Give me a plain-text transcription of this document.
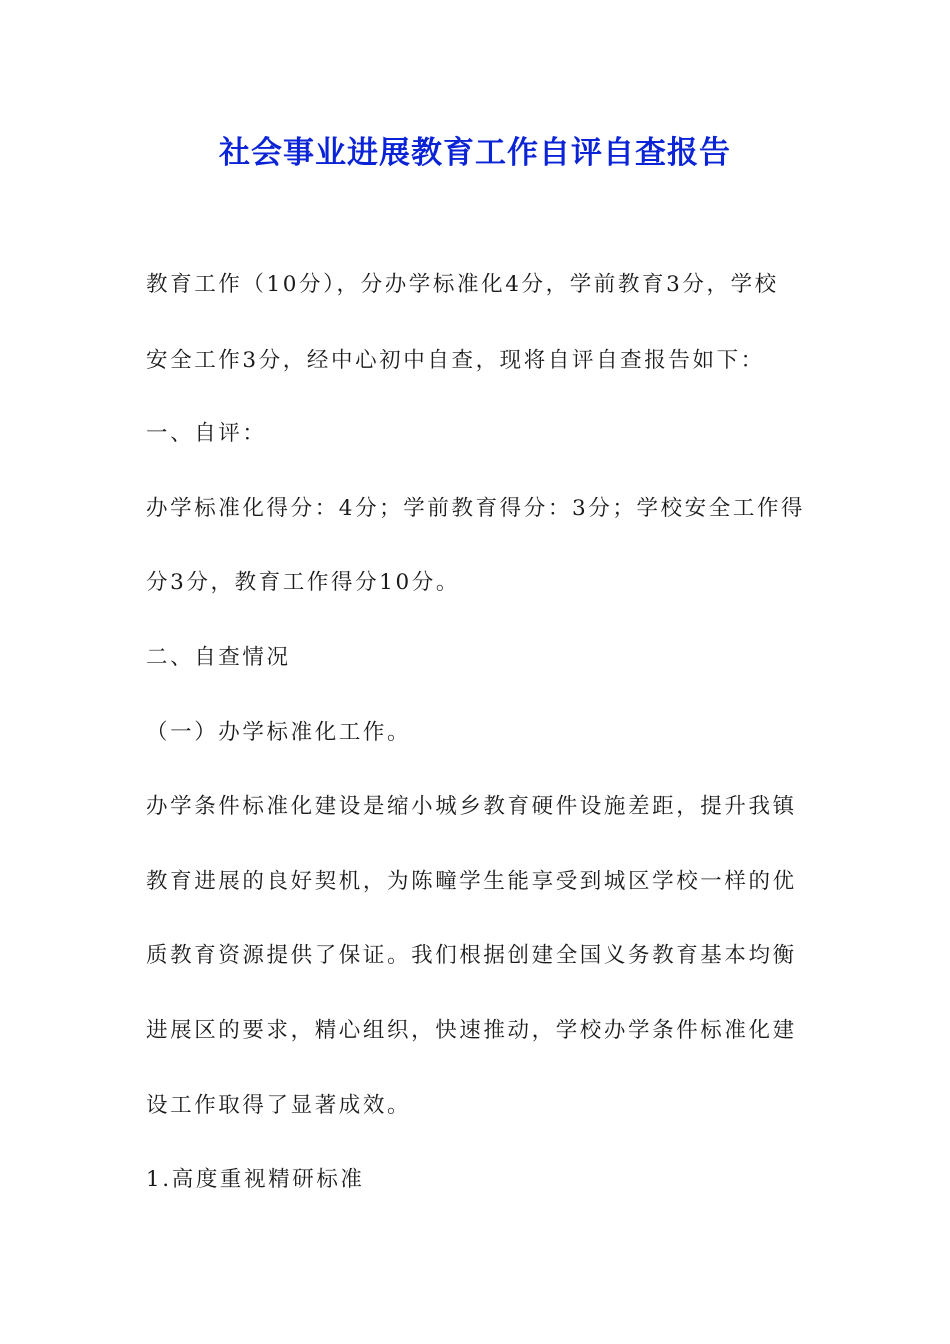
社会事业进展教育工作自评自查报告
教育工作（10分），分办学标准化4分，学前教育3分，学校
安全工作3分，经中心初中自查，现将自评自查报告如下：
一、自评：
办学标准化得分：4分；学前教育得分：3分；学校安全工作得
分3分，教育工作得分10分。
二、自查情况
（一）办学标准化工作。
办学条件标准化建设是缩小城乡教育硬件设施差距，提升我镇
教育进展的良好契机，为陈疃学生能享受到城区学校一样的优
质教育资源提供了保证。我们根据创建全国义务教育基本均衡
进展区的要求，精心组织，快速推动，学校办学条件标准化建
设工作取得了显著成效。
1.高度重视精研标准
